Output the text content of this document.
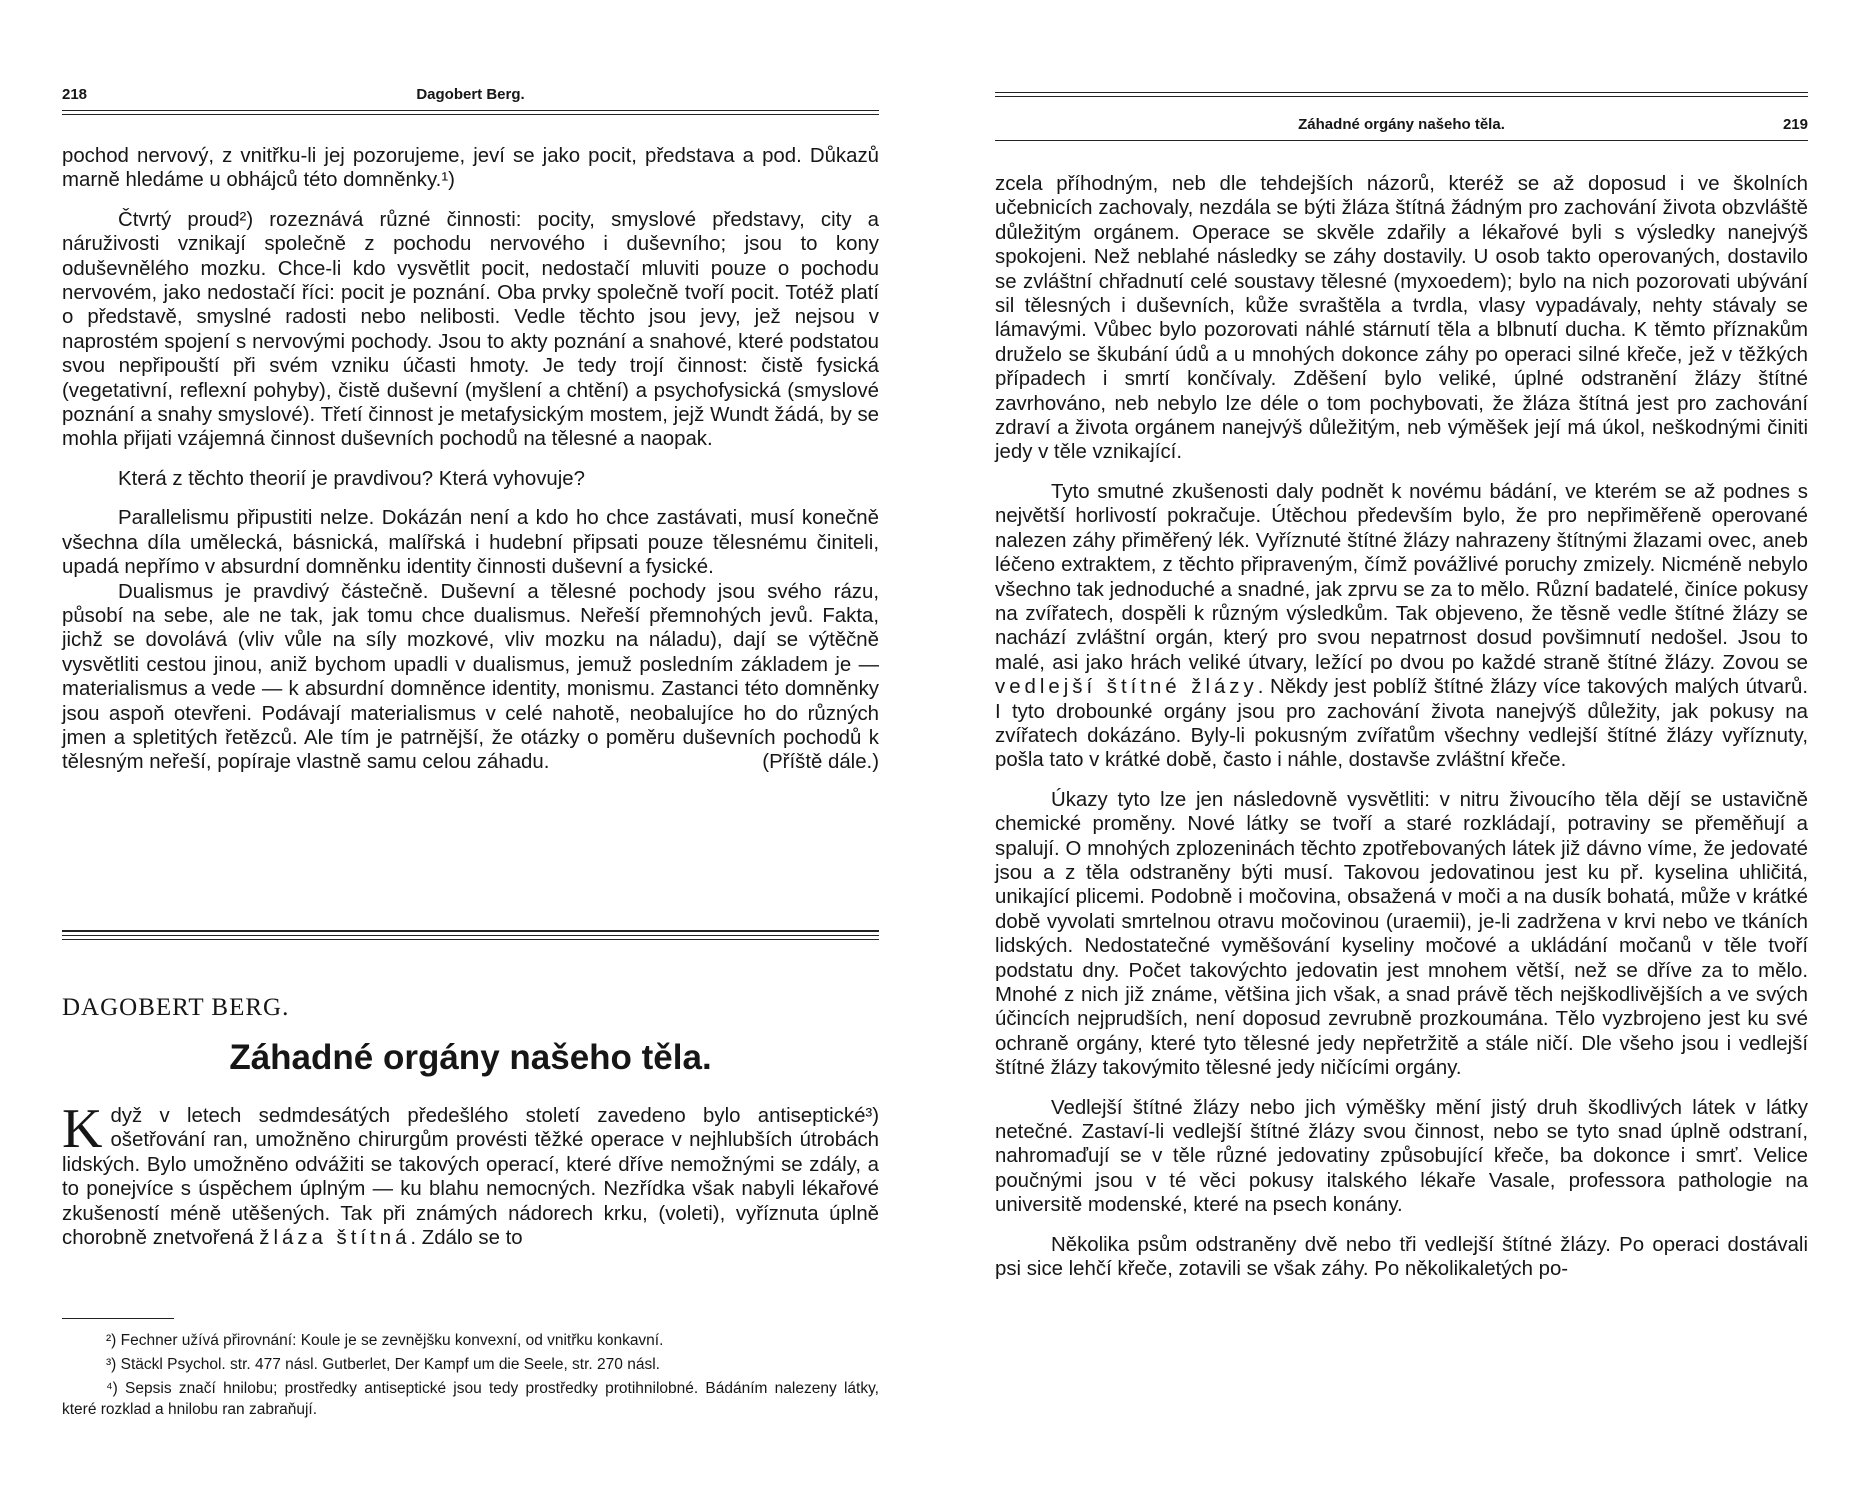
218	Dagobert Berg.

pochod nervový, z vnitřku-li jej pozorujeme, jeví se jako pocit, představa a pod. Důkazů marně hledáme u obhájců této domněnky.¹)

Čtvrtý proud²) rozeznává různé činnosti: pocity, smyslové představy, city a náruživosti vznikají společně z pochodu nervového i duševního; jsou to kony oduševnělého mozku. Chce-li kdo vysvětlit pocit, nedostačí mluviti pouze o pochodu nervovém, jako nedostačí říci: pocit je poznání. Oba prvky společně tvoří pocit. Totéž platí o představě, smyslné radosti nebo nelibosti. Vedle těchto jsou jevy, jež nejsou v naprostém spojení s nervovými pochody. Jsou to akty poznání a snahové, které podstatou svou nepřipouští při svém vzniku účasti hmoty. Je tedy trojí činnost: čistě fysická (vegetativní, reflexní pohyby), čistě duševní (myšlení a chtění) a psychofysická (smyslové poznání a snahy smyslové). Třetí činnost je metafysickým mostem, jejž Wundt žádá, by se mohla přijati vzájemná činnost duševních pochodů na tělesné a naopak.

Která z těchto theorií je pravdivou? Která vyhovuje?

Parallelismu připustiti nelze. Dokázán není a kdo ho chce zastávati, musí konečně všechna díla umělecká, básnická, malířská i hudební připsati pouze tělesnému činiteli, upadá nepřímo v absurdní domněnku identity činnosti duševní a fysické.

Dualismus je pravdivý částečně. Duševní a tělesné pochody jsou svého rázu, působí na sebe, ale ne tak, jak tomu chce dualismus. Neřeší přemnohých jevů. Fakta, jichž se dovolává (vliv vůle na síly mozkové, vliv mozku na náladu), dají se výtěčně vysvětliti cestou jinou, aniž bychom upadli v dualismus, jemuž posledním základem je — materialismus a vede — k absurdní domněnce identity, monismu. Zastanci této domněnky jsou aspoň otevřeni. Podávají materialismus v celé nahotě, neobalujíce ho do různých jmen a spletitých řetězců. Ale tím je patrnější, že otázky o poměru duševních pochodů k tělesným neřeší, popíraje vlastně samu celou záhadu.	(Příště dále.)
DAGOBERT BERG.
Záhadné orgány našeho těla.
Když v letech sedmdesátých předešlého století zavedeno bylo antiseptické³) ošetřování ran, umožněno chirurgům provésti těžké operace v nejhlubších útrobách lidských. Bylo umožněno odvážiti se takových operací, které dříve nemožnými se zdály, a to ponejvíce s úspěchem úplným — ku blahu nemocných. Nezřídka však nabyli lékařové zkušeností méně utěšených. Tak při známých nádorech krku, (voleti), vyříznuta úplně chorobně znetvořená žláza štítná. Zdálo se to

²) Fechner užívá přirovnání: Koule je se zevnějšku konvexní, od vnitřku konkavní.

³) Stäckl Psychol. str. 477 násl. Gutberlet, Der Kampf um die Seele, str. 270 násl.

⁴) Sepsis značí hnilobu; prostředky antiseptické jsou tedy prostředky protihnilobné. Bádáním nalezeny látky, které rozklad a hnilobu ran zabraňují.

Záhadné orgány našeho těla.	219

zcela příhodným, neb dle tehdejších názorů, kteréž se až doposud i ve školních učebnicích zachovaly, nezdála se býti žláza štítná žádným pro zachování života obzvláště důležitým orgánem. Operace se skvěle zdařily a lékařové byli s výsledky nanejvýš spokojeni. Než neblahé následky se záhy dostavily. U osob takto operovaných, dostavilo se zvláštní chřadnutí celé soustavy tělesné (myxoedem); bylo na nich pozorovati ubývání sil tělesných i duševních, kůže svraštěla a tvrdla, vlasy vypadávaly, nehty stávaly se lámavými. Vůbec bylo pozorovati náhlé stárnutí těla a blbnutí ducha. K těmto příznakům druželo se škubání údů a u mnohých dokonce záhy po operaci silné křeče, jež v těžkých případech i smrtí končívaly. Zděšení bylo veliké, úplné odstranění žlázy štítné zavrhováno, neb nebylo lze déle o tom pochybovati, že žláza štítná jest pro zachování zdraví a života orgánem nanejvýš důležitým, neb výměšek její má úkol, neškodnými činiti jedy v těle vznikající.

Tyto smutné zkušenosti daly podnět k novému bádání, ve kterém se až podnes s největší horlivostí pokračuje. Útěchou především bylo, že pro nepřiměřeně operované nalezen záhy přiměřený lék. Vyříznuté štítné žlázy nahrazeny štítnými žlazami ovec, aneb léčeno extraktem, z těchto připraveným, čímž povážlivé poruchy zmizely. Nicméně nebylo všechno tak jednoduché a snadné, jak zprvu se za to mělo. Různí badatelé, činíce pokusy na zvířatech, dospěli k různým výsledkům. Tak objeveno, že těsně vedle štítné žlázy se nachází zvláštní orgán, který pro svou nepatrnost dosud povšimnutí nedošel. Jsou to malé, asi jako hrách veliké útvary, ležící po dvou po každé straně štítné žlázy. Zovou se vedlejší štítné žlázy. Někdy jest poblíž štítné žlázy více takových malých útvarů. I tyto drobounké orgány jsou pro zachování života nanejvýš důležity, jak pokusy na zvířatech dokázáno. Byly-li pokusným zvířatům všechny vedlejší štítné žlázy vyříznuty, pošla tato v krátké době, často i náhle, dostavše zvláštní křeče.

Úkazy tyto lze jen následovně vysvětliti: v nitru živoucího těla dějí se ustavičně chemické proměny. Nové látky se tvoří a staré rozkládají, potraviny se přeměňují a spalují. O mnohých zplozeninách těchto zpotřebovaných látek již dávno víme, že jedovaté jsou a z těla odstraněny býti musí. Takovou jedovatinou jest ku př. kyselina uhličitá, unikající plicemi. Podobně i močovina, obsažená v moči a na dusík bohatá, může v krátké době vyvolati smrtelnou otravu močovinou (uraemii), je-li zadržena v krvi nebo ve tkáních lidských. Nedostatečné vyměšování kyseliny močové a ukládání močanů v těle tvoří podstatu dny. Počet takovýchto jedovatin jest mnohem větší, než se dříve za to mělo. Mnohé z nich již známe, většina jich však, a snad právě těch nejškodlivějších a ve svých účincích nejprudších, není doposud zevrubně prozkoumána. Tělo vyzbrojeno jest ku své ochraně orgány, které tyto tělesné jedy nepřetržitě a stále ničí. Dle všeho jsou i vedlejší štítné žlázy takovýmito tělesné jedy ničícími orgány.

Vedlejší štítné žlázy nebo jich výměšky mění jistý druh škodlivých látek v látky netečné. Zastaví-li vedlejší štítné žlázy svou činnost, nebo se tyto snad úplně odstraní, nahromaďují se v těle různé jedovatiny způsobující křeče, ba dokonce i smrť. Velice poučnými jsou v té věci pokusy italského lékaře Vasale, professora pathologie na universitě modenské, které na psech konány.

Několika psům odstraněny dvě nebo tři vedlejší štítné žlázy. Po operaci dostávali psi sice lehčí křeče, zotavili se však záhy. Po několikaletých po-
